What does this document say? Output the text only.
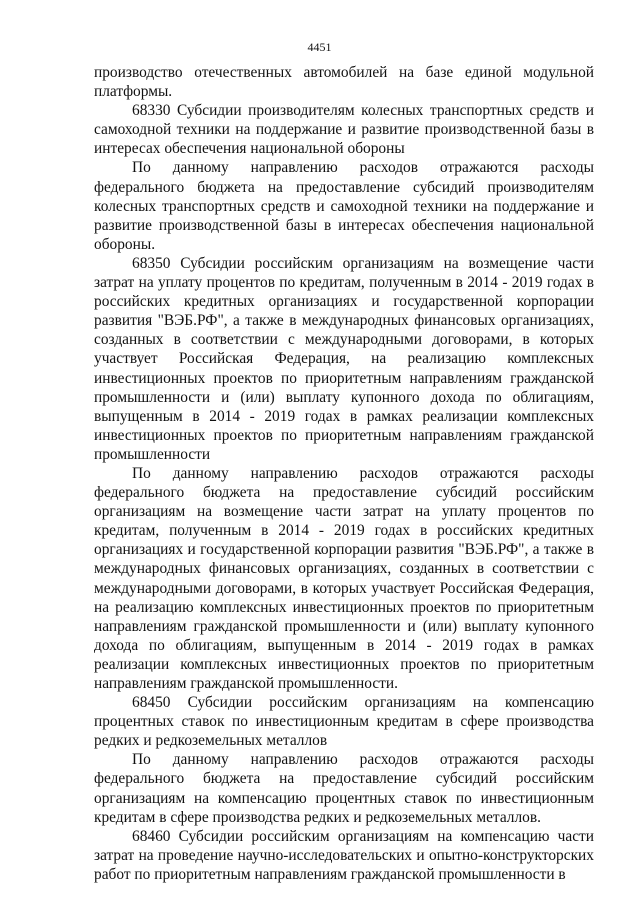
4451

производство отечественных автомобилей на базе единой модульной платформы.

68330 Субсидии производителям колесных транспортных средств и самоходной техники на поддержание и развитие производственной базы в интересах обеспечения национальной обороны

По данному направлению расходов отражаются расходы федерального бюджета на предоставление субсидий производителям колесных транспортных средств и самоходной техники на поддержание и развитие производственной базы в интересах обеспечения национальной обороны.

68350 Субсидии российским организациям на возмещение части затрат на уплату процентов по кредитам, полученным в 2014 - 2019 годах в российских кредитных организациях и государственной корпорации развития "ВЭБ.РФ", а также в международных финансовых организациях, созданных в соответствии с международными договорами, в которых участвует Российская Федерация, на реализацию комплексных инвестиционных проектов по приоритетным направлениям гражданской промышленности и (или) выплату купонного дохода по облигациям, выпущенным в 2014 - 2019 годах в рамках реализации комплексных инвестиционных проектов по приоритетным направлениям гражданской промышленности

По данному направлению расходов отражаются расходы федерального бюджета на предоставление субсидий российским организациям на возмещение части затрат на уплату процентов по кредитам, полученным в 2014 - 2019 годах в российских кредитных организациях и государственной корпорации развития "ВЭБ.РФ", а также в международных финансовых организациях, созданных в соответствии с международными договорами, в которых участвует Российская Федерация, на реализацию комплексных инвестиционных проектов по приоритетным направлениям гражданской промышленности и (или) выплату купонного дохода по облигациям, выпущенным в 2014 - 2019 годах в рамках реализации комплексных инвестиционных проектов по приоритетным направлениям гражданской промышленности.

68450 Субсидии российским организациям на компенсацию процентных ставок по инвестиционным кредитам в сфере производства редких и редкоземельных металлов

По данному направлению расходов отражаются расходы федерального бюджета на предоставление субсидий российским организациям на компенсацию процентных ставок по инвестиционным кредитам в сфере производства редких и редкоземельных металлов.

68460 Субсидии российским организациям на компенсацию части затрат на проведение научно-исследовательских и опытно-конструкторских работ по приоритетным направлениям гражданской промышленности в
